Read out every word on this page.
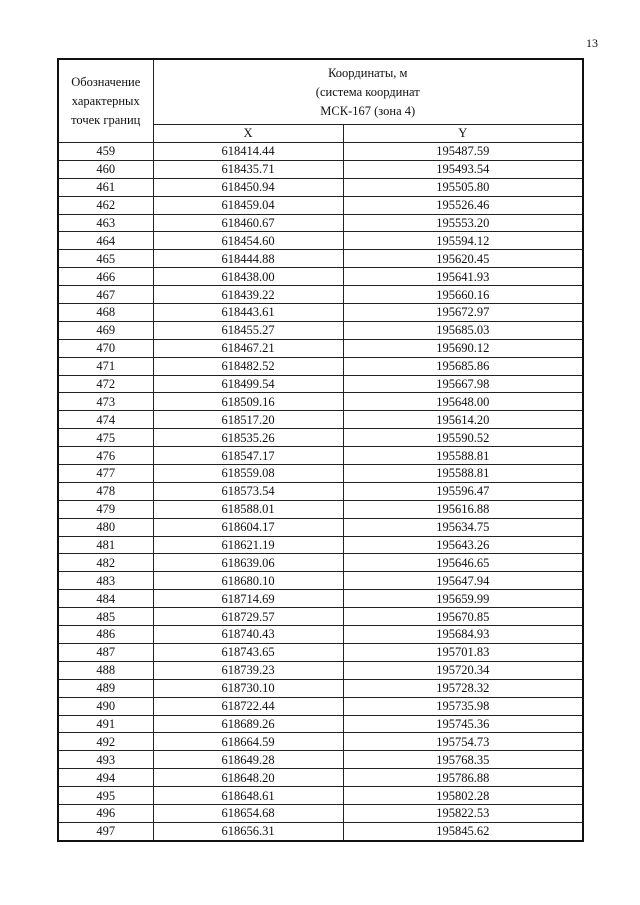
13
Обозначение
характерных
точек границ	Координаты, м
(система координат
МСК-167 (зона 4)	

	X	Y
459	618414.44	195487.59
460	618435.71	195493.54
461	618450.94	195505.80
462	618459.04	195526.46
463	618460.67	195553.20
464	618454.60	195594.12
465	618444.88	195620.45
466	618438.00	195641.93
467	618439.22	195660.16
468	618443.61	195672.97
469	618455.27	195685.03
470	618467.21	195690.12
471	618482.52	195685.86
472	618499.54	195667.98
473	618509.16	195648.00
474	618517.20	195614.20
475	618535.26	195590.52
476	618547.17	195588.81
477	618559.08	195588.81
478	618573.54	195596.47
479	618588.01	195616.88
480	618604.17	195634.75
481	618621.19	195643.26
482	618639.06	195646.65
483	618680.10	195647.94
484	618714.69	195659.99
485	618729.57	195670.85
486	618740.43	195684.93
487	618743.65	195701.83
488	618739.23	195720.34
489	618730.10	195728.32
490	618722.44	195735.98
491	618689.26	195745.36
492	618664.59	195754.73
493	618649.28	195768.35
494	618648.20	195786.88
495	618648.61	195802.28
496	618654.68	195822.53
497	618656.31	195845.62
